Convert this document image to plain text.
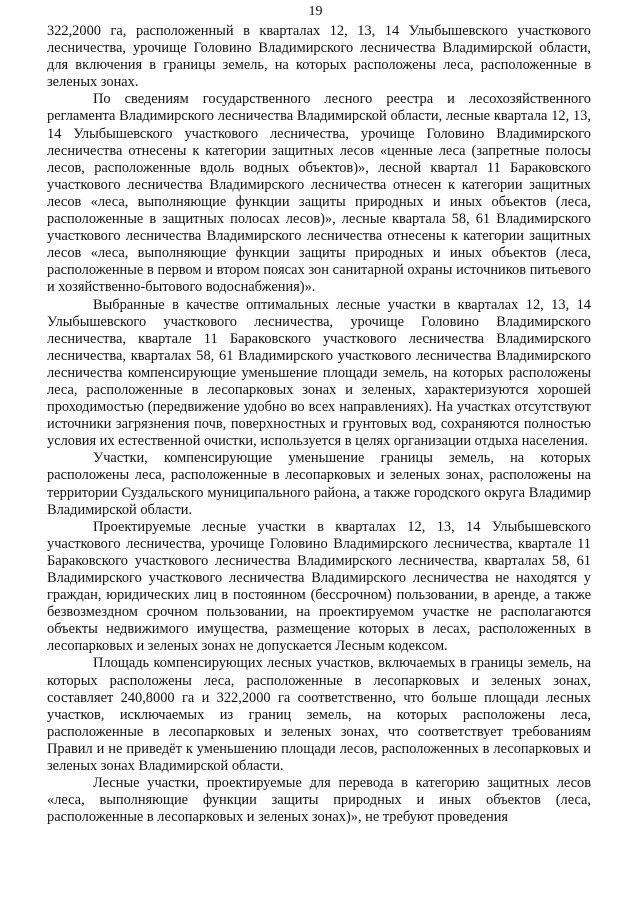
19

322,2000 га, расположенный в кварталах 12, 13, 14 Улыбышевского участкового лесничества, урочище Головино Владимирского лесничества Владимирской области, для включения в границы земель, на которых расположены леса, расположенные в зеленых зонах.

По сведениям государственного лесного реестра и лесохозяйственного регламента Владимирского лесничества Владимирской области, лесные квартала 12, 13, 14 Улыбышевского участкового лесничества, урочище Головино Владимирского лесничества отнесены к категории защитных лесов «ценные леса (запретные полосы лесов, расположенные вдоль водных объектов)», лесной квартал 11 Бараковского участкового лесничества Владимирского лесничества отнесен к категории защитных лесов «леса, выполняющие функции защиты природных и иных объектов (леса, расположенные в защитных полосах лесов)», лесные квартала 58, 61 Владимирского участкового лесничества Владимирского лесничества отнесены к категории защитных лесов «леса, выполняющие функции защиты природных и иных объектов (леса, расположенные в первом и втором поясах зон санитарной охраны источников питьевого и хозяйственно-бытового водоснабжения)».

Выбранные в качестве оптимальных лесные участки в кварталах 12, 13, 14 Улыбышевского участкового лесничества, урочище Головино Владимирского лесничества, квартале 11 Бараковского участкового лесничества Владимирского лесничества, кварталах 58, 61 Владимирского участкового лесничества Владимирского лесничества компенсирующие уменьшение площади земель, на которых расположены леса, расположенные в лесопарковых зонах и зеленых, характеризуются хорошей проходимостью (передвижение удобно во всех направлениях). На участках отсутствуют источники загрязнения почв, поверхностных и грунтовых вод, сохраняются полностью условия их естественной очистки, используется в целях организации отдыха населения.

Участки, компенсирующие уменьшение границы земель, на которых расположены леса, расположенные в лесопарковых и зеленых зонах, расположены на территории Суздальского муниципального района, а также городского округа Владимир Владимирской области.

Проектируемые лесные участки в кварталах 12, 13, 14 Улыбышевского участкового лесничества, урочище Головино Владимирского лесничества, квартале 11 Бараковского участкового лесничества Владимирского лесничества, кварталах 58, 61 Владимирского участкового лесничества Владимирского лесничества не находятся у граждан, юридических лиц в постоянном (бессрочном) пользовании, в аренде, а также безвозмездном срочном пользовании, на проектируемом участке не располагаются объекты недвижимого имущества, размещение которых в лесах, расположенных в лесопарковых и зеленых зонах не допускается Лесным кодексом.

Площадь компенсирующих лесных участков, включаемых в границы земель, на которых расположены леса, расположенные в лесопарковых и зеленых зонах, составляет 240,8000 га и 322,2000 га соответственно, что больше площади лесных участков, исключаемых из границ земель, на которых расположены леса, расположенные в лесопарковых и зеленых зонах, что соответствует требованиям Правил и не приведёт к уменьшению площади лесов, расположенных в лесопарковых и зеленых зонах Владимирской области.

Лесные участки, проектируемые для перевода в категорию защитных лесов «леса, выполняющие функции защиты природных и иных объектов (леса, расположенные в лесопарковых и зеленых зонах)», не требуют проведения
